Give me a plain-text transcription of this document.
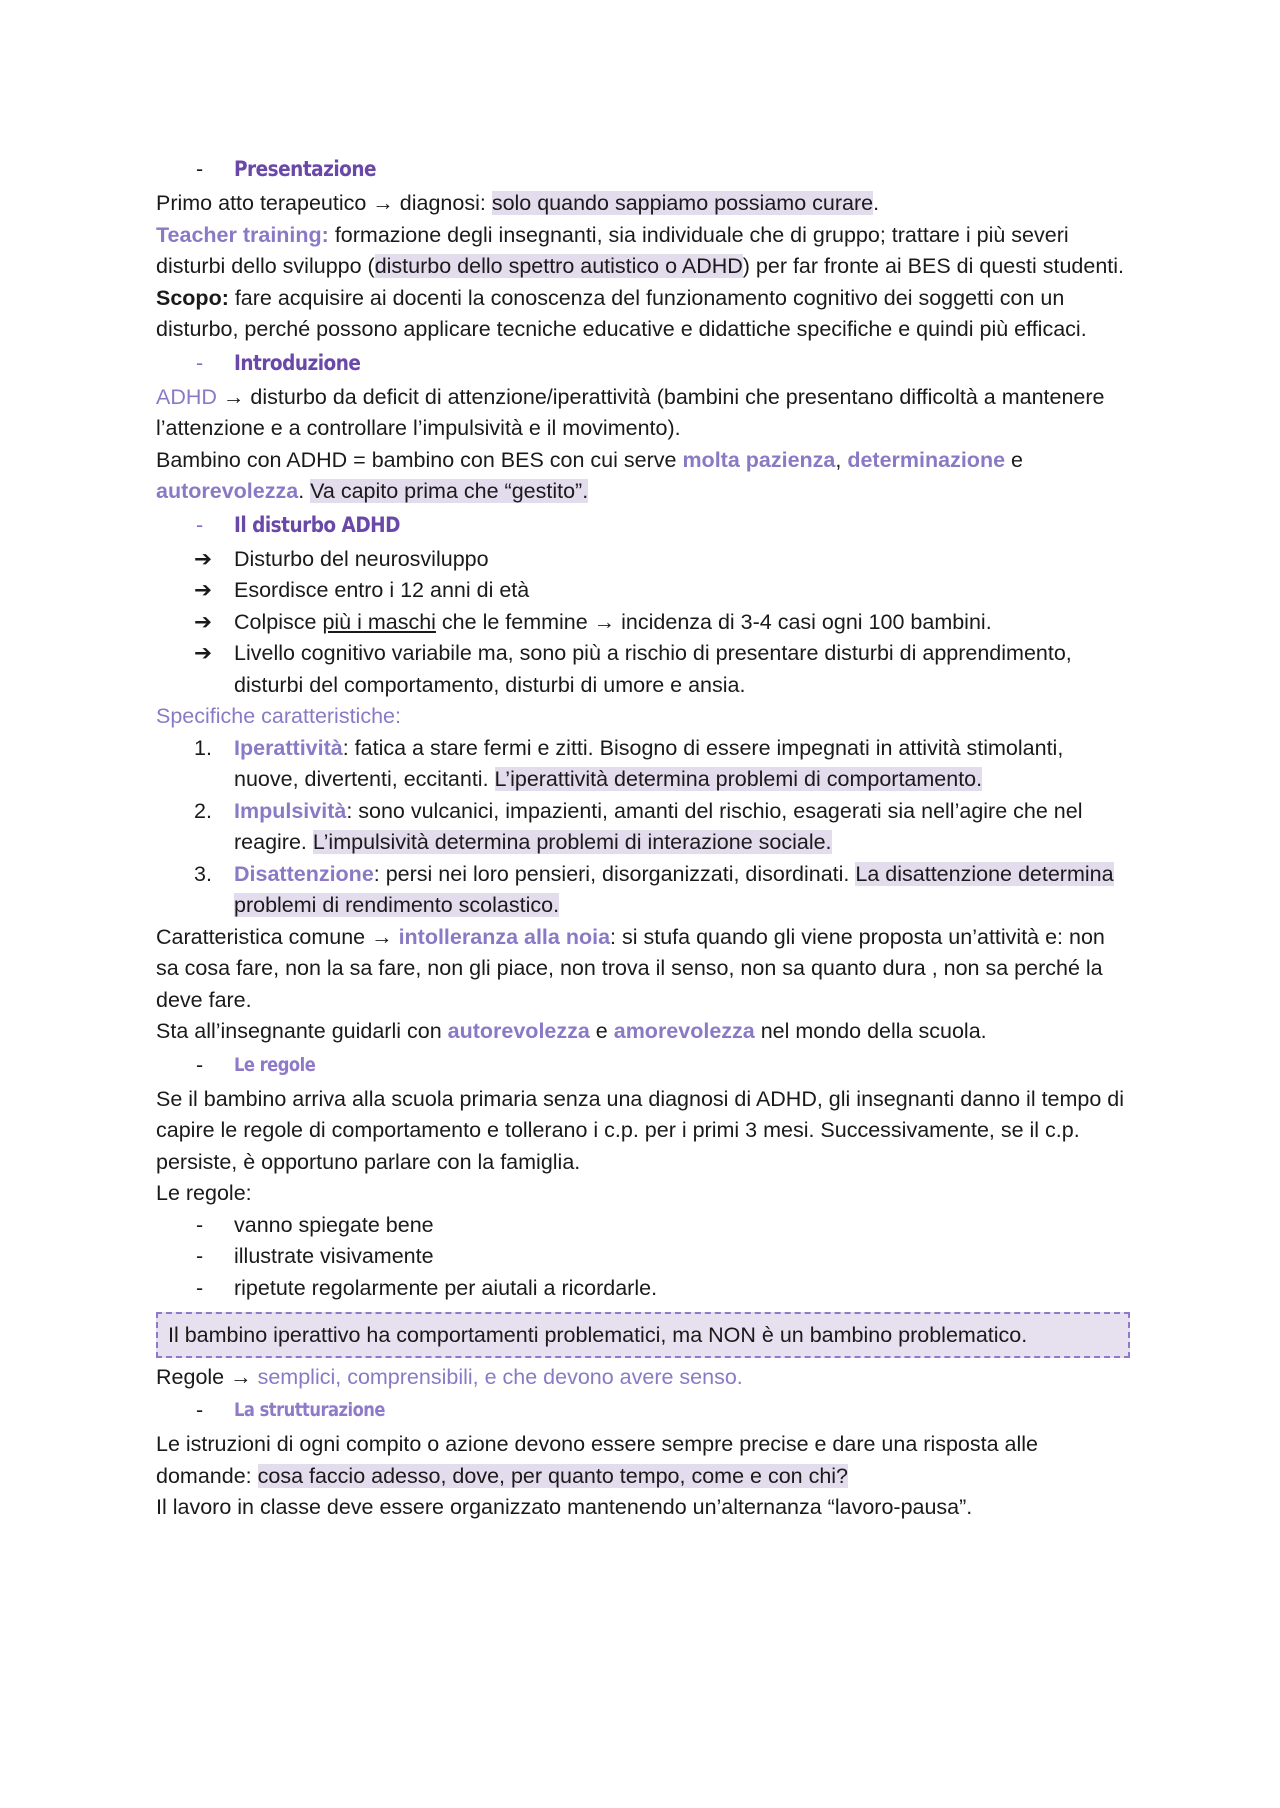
-	Presentazione

Primo atto terapeutico → diagnosi: solo quando sappiamo possiamo curare.

Teacher training: formazione degli insegnanti, sia individuale che di gruppo; trattare i più severi disturbi dello sviluppo (disturbo dello spettro autistico o ADHD) per far fronte ai BES di questi studenti.

Scopo: fare acquisire ai docenti la conoscenza del funzionamento cognitivo dei soggetti con un disturbo, perché possono applicare tecniche educative e didattiche specifiche e quindi più efficaci.

-	Introduzione

ADHD → disturbo da deficit di attenzione/iperattività (bambini che presentano difficoltà a mantenere l’attenzione e a controllare l’impulsività e il movimento).

Bambino con ADHD = bambino con BES con cui serve molta pazienza, determinazione e autorevolezza. Va capito prima che “gestito”.

-	Il disturbo ADHD
➔	Disturbo del neurosviluppo
➔	Esordisce entro i 12 anni di età
➔	Colpisce più i maschi che le femmine → incidenza di 3-4 casi ogni 100 bambini.
➔	Livello cognitivo variabile ma, sono più a rischio di presentare disturbi di apprendimento, disturbi del comportamento, disturbi di umore e ansia.

Specifiche caratteristiche:

1.	Iperattività: fatica a stare fermi e zitti. Bisogno di essere impegnati in attività stimolanti, nuove, divertenti, eccitanti. L’iperattività determina problemi di comportamento.
2.	Impulsività: sono vulcanici, impazienti, amanti del rischio, esagerati sia nell’agire che nel reagire. L’impulsività determina problemi di interazione sociale.
3.	Disattenzione: persi nei loro pensieri, disorganizzati, disordinati. La disattenzione determina problemi di rendimento scolastico.

Caratteristica comune → intolleranza alla noia: si stufa quando gli viene proposta un’attività e: non sa cosa fare, non la sa fare, non gli piace, non trova il senso, non sa quanto dura , non sa perché la deve fare.

Sta all’insegnante guidarli con autorevolezza e amorevolezza nel mondo della scuola.

-	Le regole

Se il bambino arriva alla scuola primaria senza una diagnosi di ADHD, gli insegnanti danno il tempo di capire le regole di comportamento e tollerano i c.p. per i primi 3 mesi. Successivamente, se il c.p. persiste, è opportuno parlare con la famiglia.

Le regole:

-	vanno spiegate bene
-	illustrate visivamente
-	ripetute regolarmente per aiutali a ricordarle.
Il bambino iperattivo ha comportamenti problematici, ma NON è un bambino problematico.

Regole → semplici, comprensibili, e che devono avere senso.

-	La strutturazione

Le istruzioni di ogni compito o azione devono essere sempre precise e dare una risposta alle domande: cosa faccio adesso, dove, per quanto tempo, come e con chi?

Il lavoro in classe deve essere organizzato mantenendo un’alternanza “lavoro-pausa”.
